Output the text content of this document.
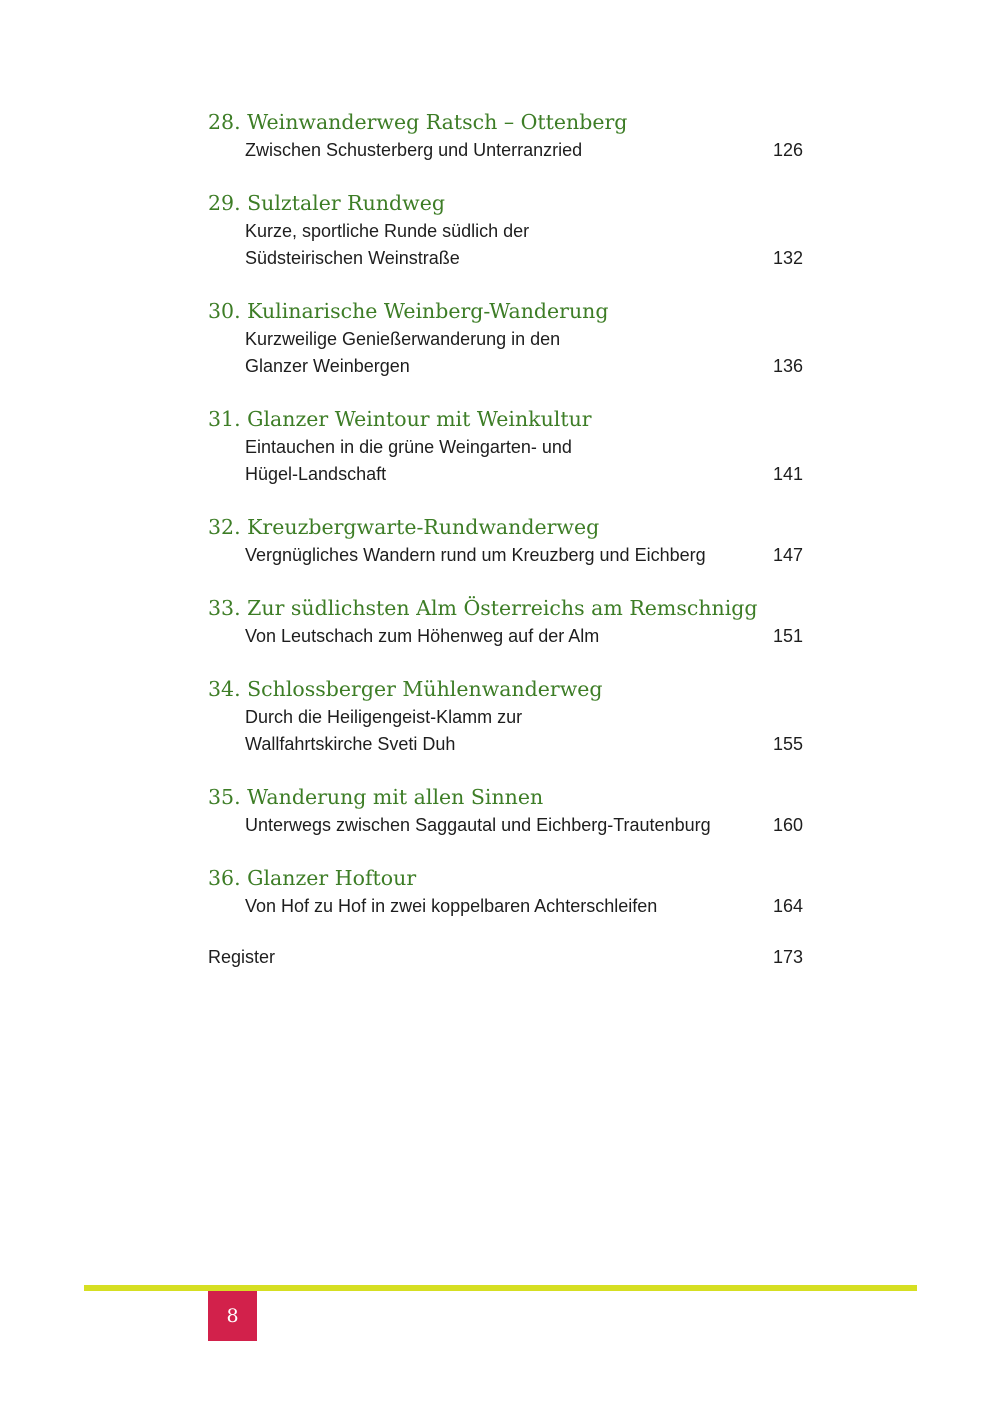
28. Weinwanderweg Ratsch – Ottenberg
Zwischen Schusterberg und Unterranzried	126
29. Sulztaler Rundweg
Kurze, sportliche Runde südlich der
Südsteirischen Weinstraße	132
30. Kulinarische Weinberg-Wanderung
Kurzweilige Genießerwanderung in den
Glanzer Weinbergen	136
31. Glanzer Weintour mit Weinkultur
Eintauchen in die grüne Weingarten- und
Hügel-Landschaft	141
32. Kreuzbergwarte-Rundwanderweg
Vergnügliches Wandern rund um Kreuzberg und Eichberg	147
33. Zur südlichsten Alm Österreichs am Remschnigg
Von Leutschach zum Höhenweg auf der Alm	151
34. Schlossberger Mühlenwanderweg
Durch die Heiligengeist-Klamm zur
Wallfahrtskirche Sveti Duh	155
35. Wanderung mit allen Sinnen
Unterwegs zwischen Saggautal und Eichberg-Trautenburg	160
36. Glanzer Hoftour
Von Hof zu Hof in zwei koppelbaren Achterschleifen	164
Register	173
8
